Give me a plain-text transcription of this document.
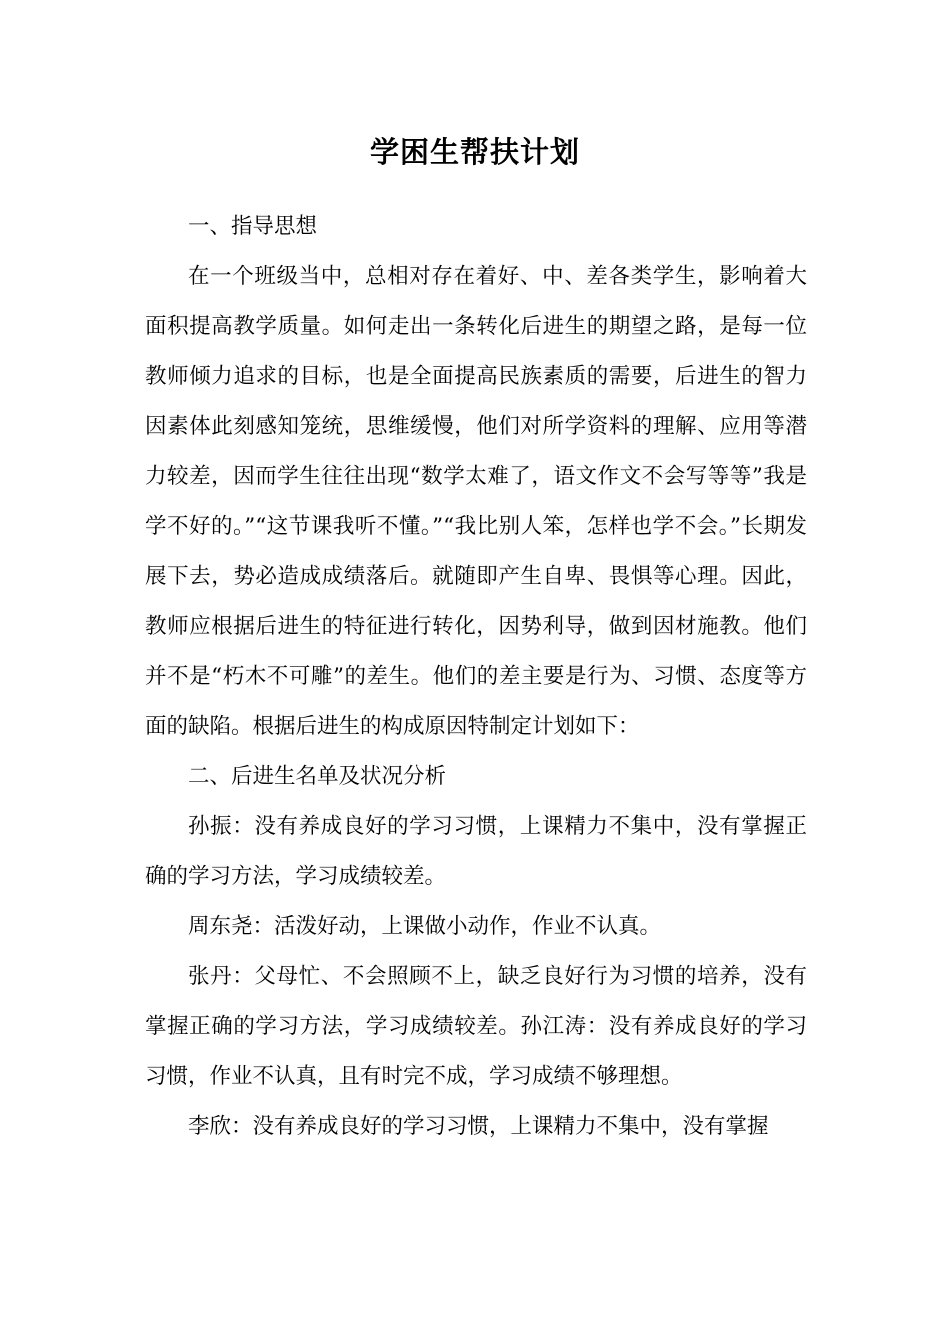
学困生帮扶计划

一、指导思想

在一个班级当中，总相对存在着好、中、差各类学生，影响着大面积提高教学质量。如何走出一条转化后进生的期望之路，是每一位教师倾力追求的目标，也是全面提高民族素质的需要，后进生的智力因素体此刻感知笼统，思维缓慢，他们对所学资料的理解、应用等潜力较差，因而学生往往出现“数学太难了，语文作文不会写等等”我是学不好的。”“这节课我听不懂。”“我比别人笨，怎样也学不会。”长期发展下去，势必造成成绩落后。就随即产生自卑、畏惧等心理。因此，教师应根据后进生的特征进行转化，因势利导，做到因材施教。他们并不是“朽木不可雕”的差生。他们的差主要是行为、习惯、态度等方面的缺陷。根据后进生的构成原因特制定计划如下：

二、后进生名单及状况分析

孙振：没有养成良好的学习习惯，上课精力不集中，没有掌握正确的学习方法，学习成绩较差。

周东尧：活泼好动，上课做小动作，作业不认真。

张丹：父母忙、不会照顾不上，缺乏良好行为习惯的培养，没有掌握正确的学习方法，学习成绩较差。孙江涛：没有养成良好的学习习惯，作业不认真，且有时完不成，学习成绩不够理想。

李欣：没有养成良好的学习习惯，上课精力不集中，没有掌握
